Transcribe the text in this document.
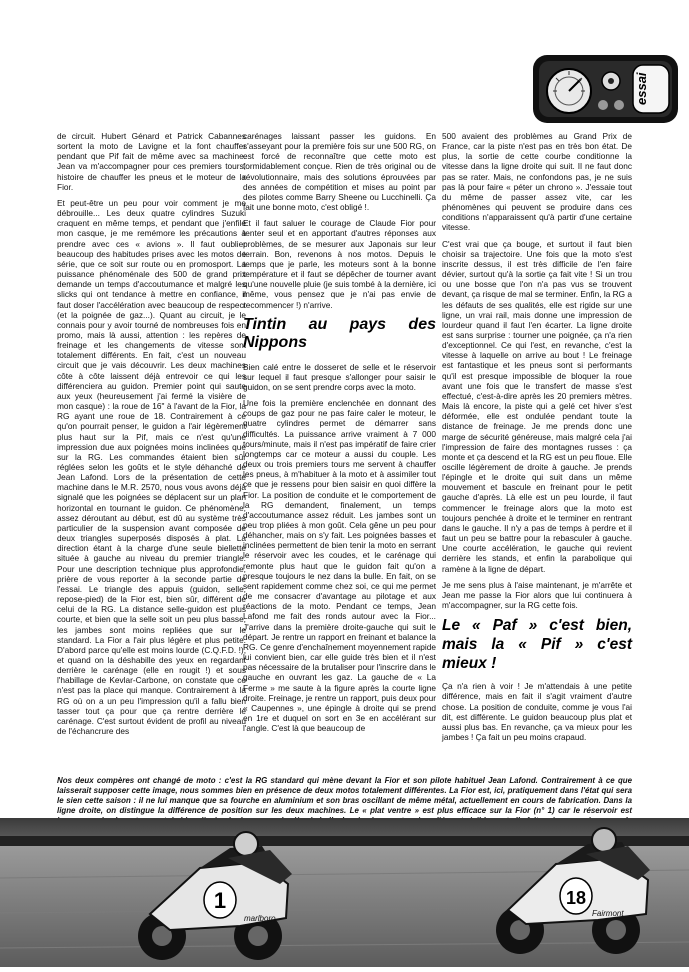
essai

de circuit. Hubert Génard et Patrick Cabannes sortent la moto de Lavigne et la font chauffer pendant que Pif fait de même avec sa machine. Jean va m'accompagner pour ces premiers tours, histoire de chauffer les pneus et le moteur de la Fior.

Et peut-être un peu pour voir comment je me débrouille... Les deux quatre cylindres Suzuki craquent en même temps, et pendant que j'enfile mon casque, je me remémore les précautions à prendre avec ces « avions ». Il faut oublier beaucoup des habitudes prises avec les motos de série, que ce soit sur route ou en promosport. La puissance phénoménale des 500 de grand prix demande un temps d'accoutumance et malgré les slicks qui ont tendance à mettre en confiance, il faut doser l'accélération avec beaucoup de respect (et la poignée de gaz...). Quant au circuit, je le connais pour y avoir tourné de nombreuses fois en promo, mais là aussi, attention : les repères de freinage et les changements de vitesse sont totalement différents. En fait, c'est un nouveau circuit que je vais découvrir. Les deux machines côte à côte laissent déjà entrevoir ce qui les différenciera au guidon. Premier point qui saute aux yeux (heureusement j'ai fermé la visière de mon casque) : la roue de 16" à l'avant de la Fior, la RG ayant une roue de 18. Contrairement à ce qu'on pourrait penser, le guidon a l'air légèrement plus haut sur la Pif, mais ce n'est qu'une impression due aux poignées moins inclinées que sur la RG. Les commandes étaient bien sûr réglées selon les goûts et le style déhanché de Jean Lafond. Lors de la présentation de cette machine dans le M.R. 2570, nous vous avons déjà signalé que les poignées se déplacent sur un plan horizontal en tournant le guidon. Ce phénomène, assez déroutant au début, est dû au système très particulier de la suspension avant composée de deux triangles superposés disposés à plat. La direction étant à la charge d'une seule biellette située à gauche au niveau du premier triangle. Pour une description technique plus approfondie, prière de vous reporter à la seconde partie de l'essai. Le triangle des appuis (guidon, selle, repose-pied) de la Fior est, bien sûr, différent de celui de la RG. La distance selle-guidon est plus courte, et bien que la selle soit un peu plus basse, les jambes sont moins repliées que sur le standard. La Fior a l'air plus légère et plus petite. D'abord parce qu'elle est moins lourde (C.Q.F.D. !), et quand on la déshabille des yeux en regardant derrière le carénage (elle en rougit !) et sous l'habillage de Kevlar-Carbone, on constate que ce n'est pas la place qui manque. Contrairement à la RG où on a un peu l'impression qu'il a fallu bien tasser tout ça pour que ça rentre derrière le carénage. C'est surtout évident de profil au niveau de l'échancrure des

carénages laissant passer les guidons. En s'asseyant pour la première fois sur une 500 RG, on est forcé de reconnaître que cette moto est formidablement conçue. Rien de très original ou de révolutionnaire, mais des solutions éprouvées par des années de compétition et mises au point par des pilotes comme Barry Sheene ou Lucchinelli. Ça fait une bonne moto, c'est obligé !.

Et il faut saluer le courage de Claude Fior pour tenter seul et en apportant d'autres réponses aux problèmes, de se mesurer aux Japonais sur leur terrain. Bon, revenons à nos motos. Depuis le temps que je parle, les moteurs sont à la bonne température et il faut se dépêcher de tourner avant qu'une nouvelle pluie (je suis tombé à la dernière, ici même, vous pensez que je n'ai pas envie de recommencer !) n'arrive.

Tintin au pays des Nippons

Bien calé entre le dosseret de selle et le réservoir sur lequel il faut presque s'allonger pour saisir le guidon, on se sent prendre corps avec la moto.

Une fois la première enclenchée en donnant des coups de gaz pour ne pas faire caler le moteur, le quatre cylindres permet de démarrer sans difficultés. La puissance arrive vraiment à 7 000 tours/minute, mais il n'est pas impératif de faire crier longtemps car ce moteur a aussi du couple. Les deux ou trois premiers tours me servent à chauffer les pneus, à m'habituer à la moto et à assimiler tout ce que je ressens pour bien saisir en quoi diffère la Fior. La position de conduite et le comportement de la RG demandent, finalement, un temps d'accoutumance assez réduit. Les jambes sont un peu trop pliées à mon goût. Cela gêne un peu pour déhancher, mais on s'y fait. Les poignées basses et inclinées permettent de bien tenir la moto en serrant le réservoir avec les coudes, et le carénage qui remonte plus haut que le guidon fait qu'on a presque toujours le nez dans la bulle. En fait, on se sent rapidement comme chez soi, ce qui me permet de me consacrer d'avantage au pilotage et aux réactions de la moto. Pendant ce temps, Jean Lafond me fait des ronds autour avec la Fior... J'arrive dans la première droite-gauche qui suit le départ. Je rentre un rapport en freinant et balance la RG. Ce genre d'enchaînement moyennement rapide lui convient bien, car elle guide très bien et il n'est pas nécessaire de la brutaliser pour l'inscrire dans le gauche en ouvrant les gaz. La gauche de « La Ferme » me saute à la figure après la courte ligne droite. Freinage, je rentre un rapport, puis deux pour « Caupennes », une épingle à droite qui se prend en 1re et duquel on sort en 3e en accélérant sur l'angle. C'est là que beaucoup de

500 avaient des problèmes au Grand Prix de France, car la piste n'est pas en très bon état. De plus, la sortie de cette courbe conditionne la vitesse dans la ligne droite qui suit. Il ne faut donc pas se rater. Mais, ne confondons pas, je ne suis pas là pour faire « péter un chrono ». J'essaie tout du même de passer assez vite, car les phénomènes qui peuvent se produire dans ces conditions n'apparaissent qu'à partir d'une certaine vitesse.

C'est vrai que ça bouge, et surtout il faut bien choisir sa trajectoire. Une fois que la moto s'est inscrite dessus, il est très difficile de l'en faire dévier, surtout qu'à la sortie ça fait vite ! Si un trou ou une bosse que l'on n'a pas vus se trouvent devant, ça risque de mal se terminer. Enfin, la RG a les défauts de ses qualités, elle est rigide sur une ligne, un vrai rail, mais donne une impression de lourdeur quand il faut l'en écarter. La ligne droite est sans surprise : tourner une poignée, ça n'a rien d'exceptionnel. Ce qui l'est, en revanche, c'est la vitesse à laquelle on arrive au bout ! Le freinage est fantastique et les pneus sont si performants qu'il est presque impossible de bloquer la roue avant une fois que le transfert de masse s'est effectué, c'est-à-dire après les 20 premiers mètres. Mais là encore, la piste qui a gelé cet hiver s'est déformée, elle est ondulée pendant toute la distance de freinage. Je me prends donc une marge de sécurité généreuse, mais malgré cela j'ai l'impression de faire des montagnes russes : ça monte et ça descend et la RG est un peu floue. Elle oscille légèrement de droite à gauche. Je prends l'épingle et le droite qui suit dans un même mouvement et bascule en freinant pour le petit gauche d'après. Là elle est un peu lourde, il faut commencer le freinage alors que la moto est toujours penchée à droite et le terminer en rentrant dans le gauche. Il n'y a pas de temps à perdre et il faut un peu se battre pour la rebasculer à gauche. Une courte accélération, le gauche qui revient derrière les stands, et enfin la parabolique qui ramène à la ligne de départ.

Je me sens plus à l'aise maintenant, je m'arrête et Jean me passe la Fior alors que lui continuera à m'accompagner, sur la RG cette fois.

Le « Paf » c'est bien, mais la « Pif » c'est mieux !

Ça n'a rien à voir ! Je m'attendais à une petite différence, mais en fait il s'agit vraiment d'autre chose. La position de conduite, comme je vous l'ai dit, est différente. Le guidon beaucoup plus plat et aussi plus bas. En revanche, ça va mieux pour les jambes ! Ça fait un peu moins crapaud.

Nos deux compères ont changé de moto : c'est la RG standard qui mène devant la Fior et son pilote habituel Jean Lafond. Contrairement à ce que laisserait supposer cette image, nous sommes bien en présence de deux motos totalement différentes. La Fior est, ici, pratiquement dans l'état qui sera le sien cette saison : il ne lui manque que sa fourche en aluminium et son bras oscillant de même métal, actuellement en cours de fabrication. Dans la ligne droite, on distingue la différence de position sur les deux machines. Le « plat ventre » est plus efficace sur la Fior (n° 1) car le réservoir est
1
marlboro
18
Fairmont
